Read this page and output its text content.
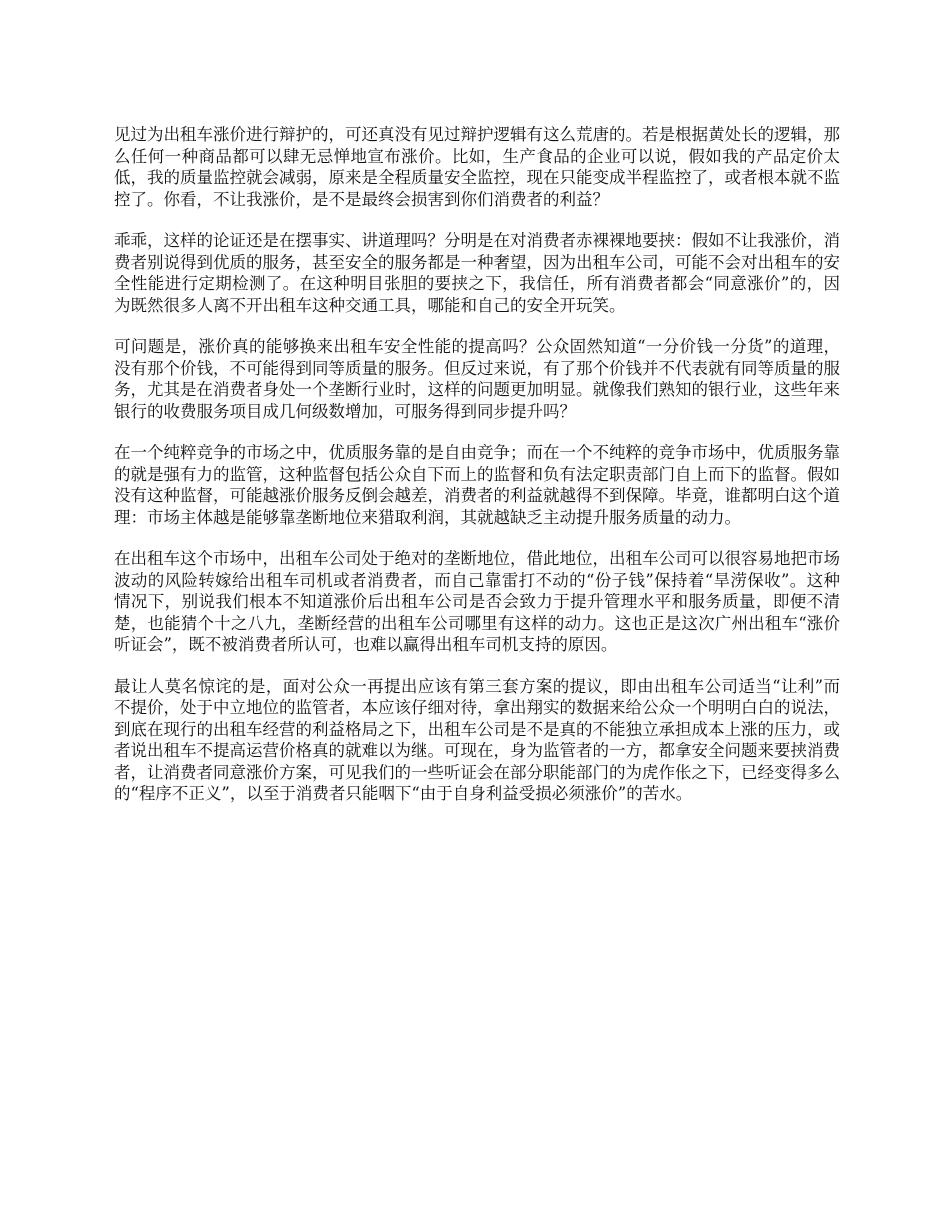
见过为出租车涨价进行辩护的，可还真没有见过辩护逻辑有这么荒唐的。若是根据黄处长的逻辑，那么任何一种商品都可以肆无忌惮地宣布涨价。比如，生产食品的企业可以说，假如我的产品定价太低，我的质量监控就会减弱，原来是全程质量安全监控，现在只能变成半程监控了，或者根本就不监控了。你看，不让我涨价，是不是最终会损害到你们消费者的利益？

乖乖，这样的论证还是在摆事实、讲道理吗？分明是在对消费者赤裸裸地要挟：假如不让我涨价，消费者别说得到优质的服务，甚至安全的服务都是一种奢望，因为出租车公司，可能不会对出租车的安全性能进行定期检测了。在这种明目张胆的要挟之下，我信任，所有消费者都会“同意涨价”的，因为既然很多人离不开出租车这种交通工具，哪能和自己的安全开玩笑。

可问题是，涨价真的能够换来出租车安全性能的提高吗？公众固然知道“一分价钱一分货”的道理，没有那个价钱，不可能得到同等质量的服务。但反过来说，有了那个价钱并不代表就有同等质量的服务，尤其是在消费者身处一个垄断行业时，这样的问题更加明显。就像我们熟知的银行业，这些年来银行的收费服务项目成几何级数增加，可服务得到同步提升吗？

在一个纯粹竞争的市场之中，优质服务靠的是自由竞争；而在一个不纯粹的竞争市场中，优质服务靠的就是强有力的监管，这种监督包括公众自下而上的监督和负有法定职责部门自上而下的监督。假如没有这种监督，可能越涨价服务反倒会越差，消费者的利益就越得不到保障。毕竟，谁都明白这个道理：市场主体越是能够靠垄断地位来猎取利润，其就越缺乏主动提升服务质量的动力。

在出租车这个市场中，出租车公司处于绝对的垄断地位，借此地位，出租车公司可以很容易地把市场波动的风险转嫁给出租车司机或者消费者，而自己靠雷打不动的“份子钱”保持着“旱涝保收”。这种情况下，别说我们根本不知道涨价后出租车公司是否会致力于提升管理水平和服务质量，即便不清楚，也能猜个十之八九，垄断经营的出租车公司哪里有这样的动力。这也正是这次广州出租车“涨价听证会”，既不被消费者所认可，也难以赢得出租车司机支持的原因。

最让人莫名惊诧的是，面对公众一再提出应该有第三套方案的提议，即由出租车公司适当“让利”而不提价，处于中立地位的监管者，本应该仔细对待，拿出翔实的数据来给公众一个明明白白的说法，到底在现行的出租车经营的利益格局之下，出租车公司是不是真的不能独立承担成本上涨的压力，或者说出租车不提高运营价格真的就难以为继。可现在，身为监管者的一方，都拿安全问题来要挟消费者，让消费者同意涨价方案，可见我们的一些听证会在部分职能部门的为虎作伥之下，已经变得多么的“程序不正义”，以至于消费者只能咽下“由于自身利益受损必须涨价”的苦水。
